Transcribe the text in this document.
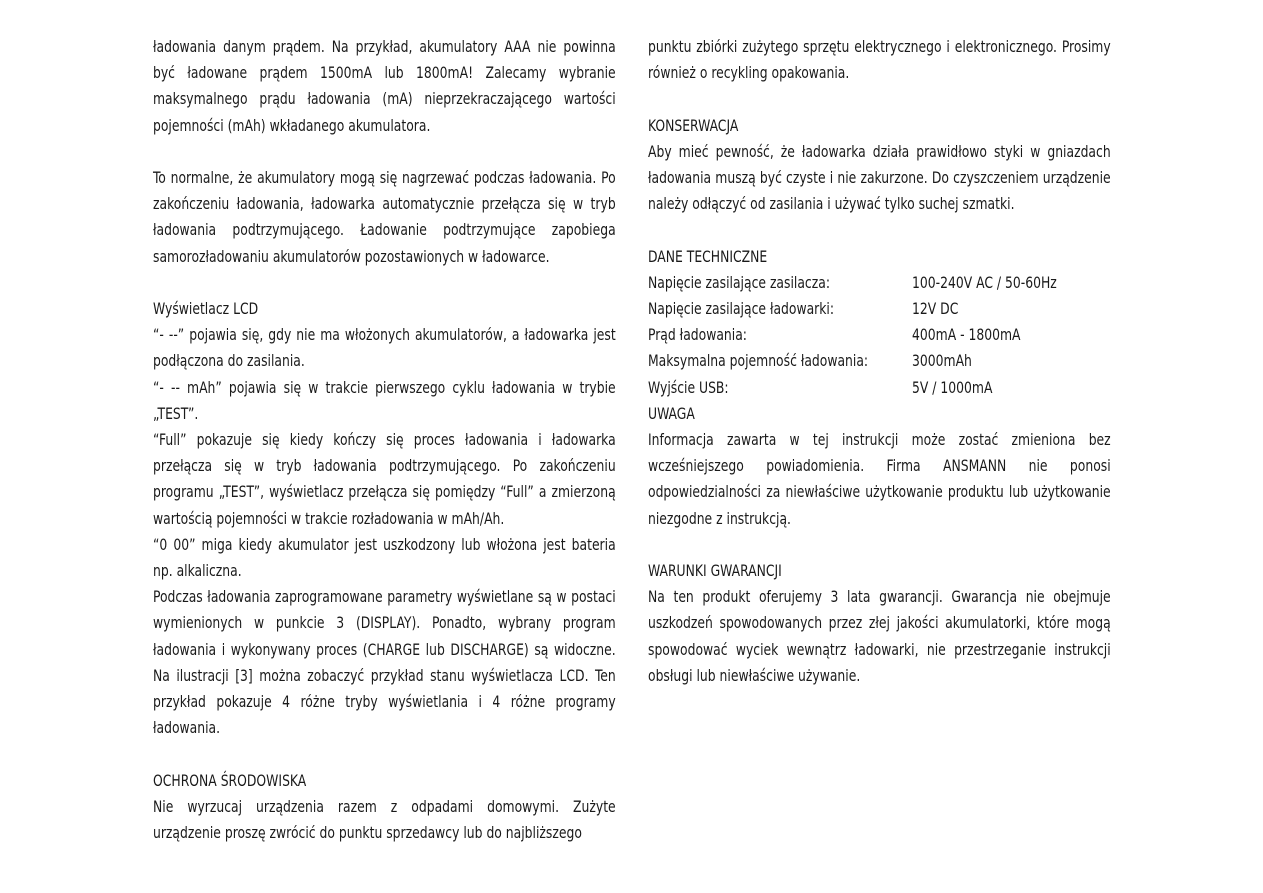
ładowania danym prądem. Na przykład, akumulatory AAA nie powinna być ładowane prądem 1500mA lub 1800mA! Zalecamy wybranie maksymalnego prądu ładowania (mA) nieprzekraczającego wartości pojemności (mAh) wkładanego akumulatora.

To normalne, że akumulatory mogą się nagrzewać podczas ładowania. Po zakończeniu ładowania, ładowarka automatycznie przełącza się w tryb ładowania podtrzymującego. Ładowanie podtrzymujące zapobiega samorozładowaniu akumulatorów pozostawionych w ładowarce.

Wyświetlacz LCD

“- --” pojawia się, gdy nie ma włożonych akumulatorów, a ładowarka jest podłączona do zasilania.

“- -- mAh” pojawia się w trakcie pierwszego cyklu ładowania w trybie „TEST”.

“Full” pokazuje się kiedy kończy się proces ładowania i ładowarka przełącza się w tryb ładowania podtrzymującego. Po zakończeniu programu „TEST”, wyświetlacz przełącza się pomiędzy “Full” a zmierzoną wartością pojemności w trakcie rozładowania w mAh/Ah.

“0 00” miga kiedy akumulator jest uszkodzony lub włożona jest bateria np. alkaliczna.

Podczas ładowania zaprogramowane parametry wyświetlane są w postaci wymienionych w punkcie 3 (DISPLAY). Ponadto, wybrany program ładowania i wykonywany proces (CHARGE lub DISCHARGE) są widoczne. Na ilustracji [3] można zobaczyć przykład stanu wyświetlacza LCD. Ten przykład pokazuje 4 różne tryby wyświetlania i 4 różne programy ładowania.

OCHRONA ŚRODOWISKA

Nie wyrzucaj urządzenia razem z odpadami domowymi. Zużyte urządzenie proszę zwrócić do punktu sprzedawcy lub do najbliższego

punktu zbiórki zużytego sprzętu elektrycznego i elektronicznego. Prosimy również o recykling opakowania.

KONSERWACJA

Aby mieć pewność, że ładowarka działa prawidłowo styki w gniazdach ładowania muszą być czyste i nie zakurzone. Do czyszczeniem urządzenie należy odłączyć od zasilania i używać tylko suchej szmatki.

DANE TECHNICZNE

Napięcie zasilające zasilacza:	100-240V AC / 50-60Hz
Napięcie zasilające ładowarki:	12V DC
Prąd ładowania:	400mA - 1800mA
Maksymalna pojemność ładowania:	3000mAh
Wyjście USB:	5V / 1000mA

UWAGA

Informacja zawarta w tej instrukcji może zostać zmieniona bez wcześniejszego powiadomienia. Firma ANSMANN nie ponosi odpowiedzialności za niewłaściwe użytkowanie produktu lub użytkowanie niezgodne z instrukcją.

WARUNKI GWARANCJI

Na ten produkt oferujemy 3 lata gwarancji. Gwarancja nie obejmuje uszkodzeń spowodowanych przez złej jakości akumulatorki, które mogą spowodować wyciek wewnątrz ładowarki, nie przestrzeganie instrukcji obsługi lub niewłaściwe używanie.
